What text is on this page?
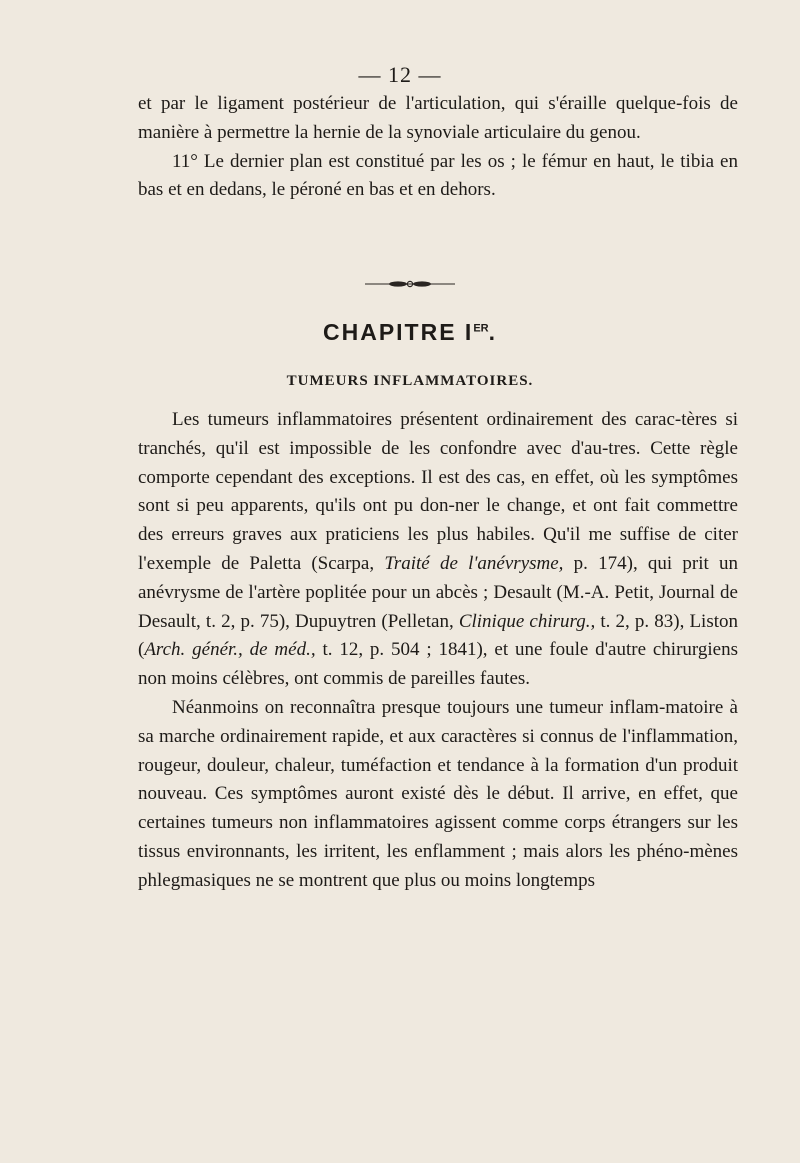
— 12 —

et par le ligament postérieur de l'articulation, qui s'éraille quelque-fois de manière à permettre la hernie de la synoviale articulaire du genou.

11° Le dernier plan est constitué par les os ; le fémur en haut, le tibia en bas et en dedans, le péroné en bas et en dehors.

CHAPITRE IER.
TUMEURS INFLAMMATOIRES.

Les tumeurs inflammatoires présentent ordinairement des carac-tères si tranchés, qu'il est impossible de les confondre avec d'au-tres. Cette règle comporte cependant des exceptions. Il est des cas, en effet, où les symptômes sont si peu apparents, qu'ils ont pu don-ner le change, et ont fait commettre des erreurs graves aux praticiens les plus habiles. Qu'il me suffise de citer l'exemple de Paletta (Scarpa, Traité de l'anévrysme, p. 174), qui prit un anévrysme de l'artère poplitée pour un abcès ; Desault (M.-A. Petit, Journal de Desault, t. 2, p. 75), Dupuytren (Pelletan, Clinique chirurg., t. 2, p. 83), Liston (Arch. génér., de méd., t. 12, p. 504 ; 1841), et une foule d'autre chirurgiens non moins célèbres, ont commis de pareilles fautes.

Néanmoins on reconnaîtra presque toujours une tumeur inflam-matoire à sa marche ordinairement rapide, et aux caractères si connus de l'inflammation, rougeur, douleur, chaleur, tuméfaction et tendance à la formation d'un produit nouveau. Ces symptômes auront existé dès le début. Il arrive, en effet, que certaines tumeurs non inflammatoires agissent comme corps étrangers sur les tissus environnants, les irritent, les enflamment ; mais alors les phéno-mènes phlegmasiques ne se montrent que plus ou moins longtemps
